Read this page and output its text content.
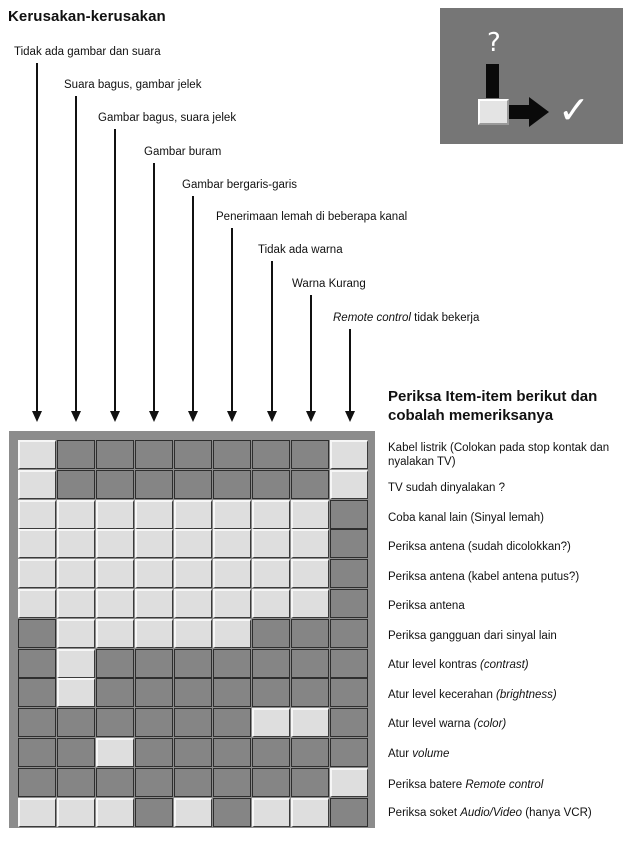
Kerusakan-kerusakan
Tidak ada gambar dan suara
Suara bagus, gambar jelek
Gambar bagus, suara jelek
Gambar buram
Gambar bergaris-garis
Penerimaan lemah di beberapa kanal
Tidak ada warna
Warna Kurang
Remote control tidak bekerja
?
✓
Periksa Item-item berikut dan cobalah memeriksanya
Kabel listrik (Colokan pada stop kontak dan nyalakan TV)
TV sudah dinyalakan ?
Coba kanal lain (Sinyal lemah)
Periksa antena (sudah dicolokkan?)
Periksa antena (kabel antena putus?)
Periksa antena
Periksa gangguan dari sinyal lain
Atur level kontras (contrast)
Atur level kecerahan (brightness)
Atur level warna (color)
Atur volume
Periksa batere Remote control
Periksa soket Audio/Video (hanya VCR)
